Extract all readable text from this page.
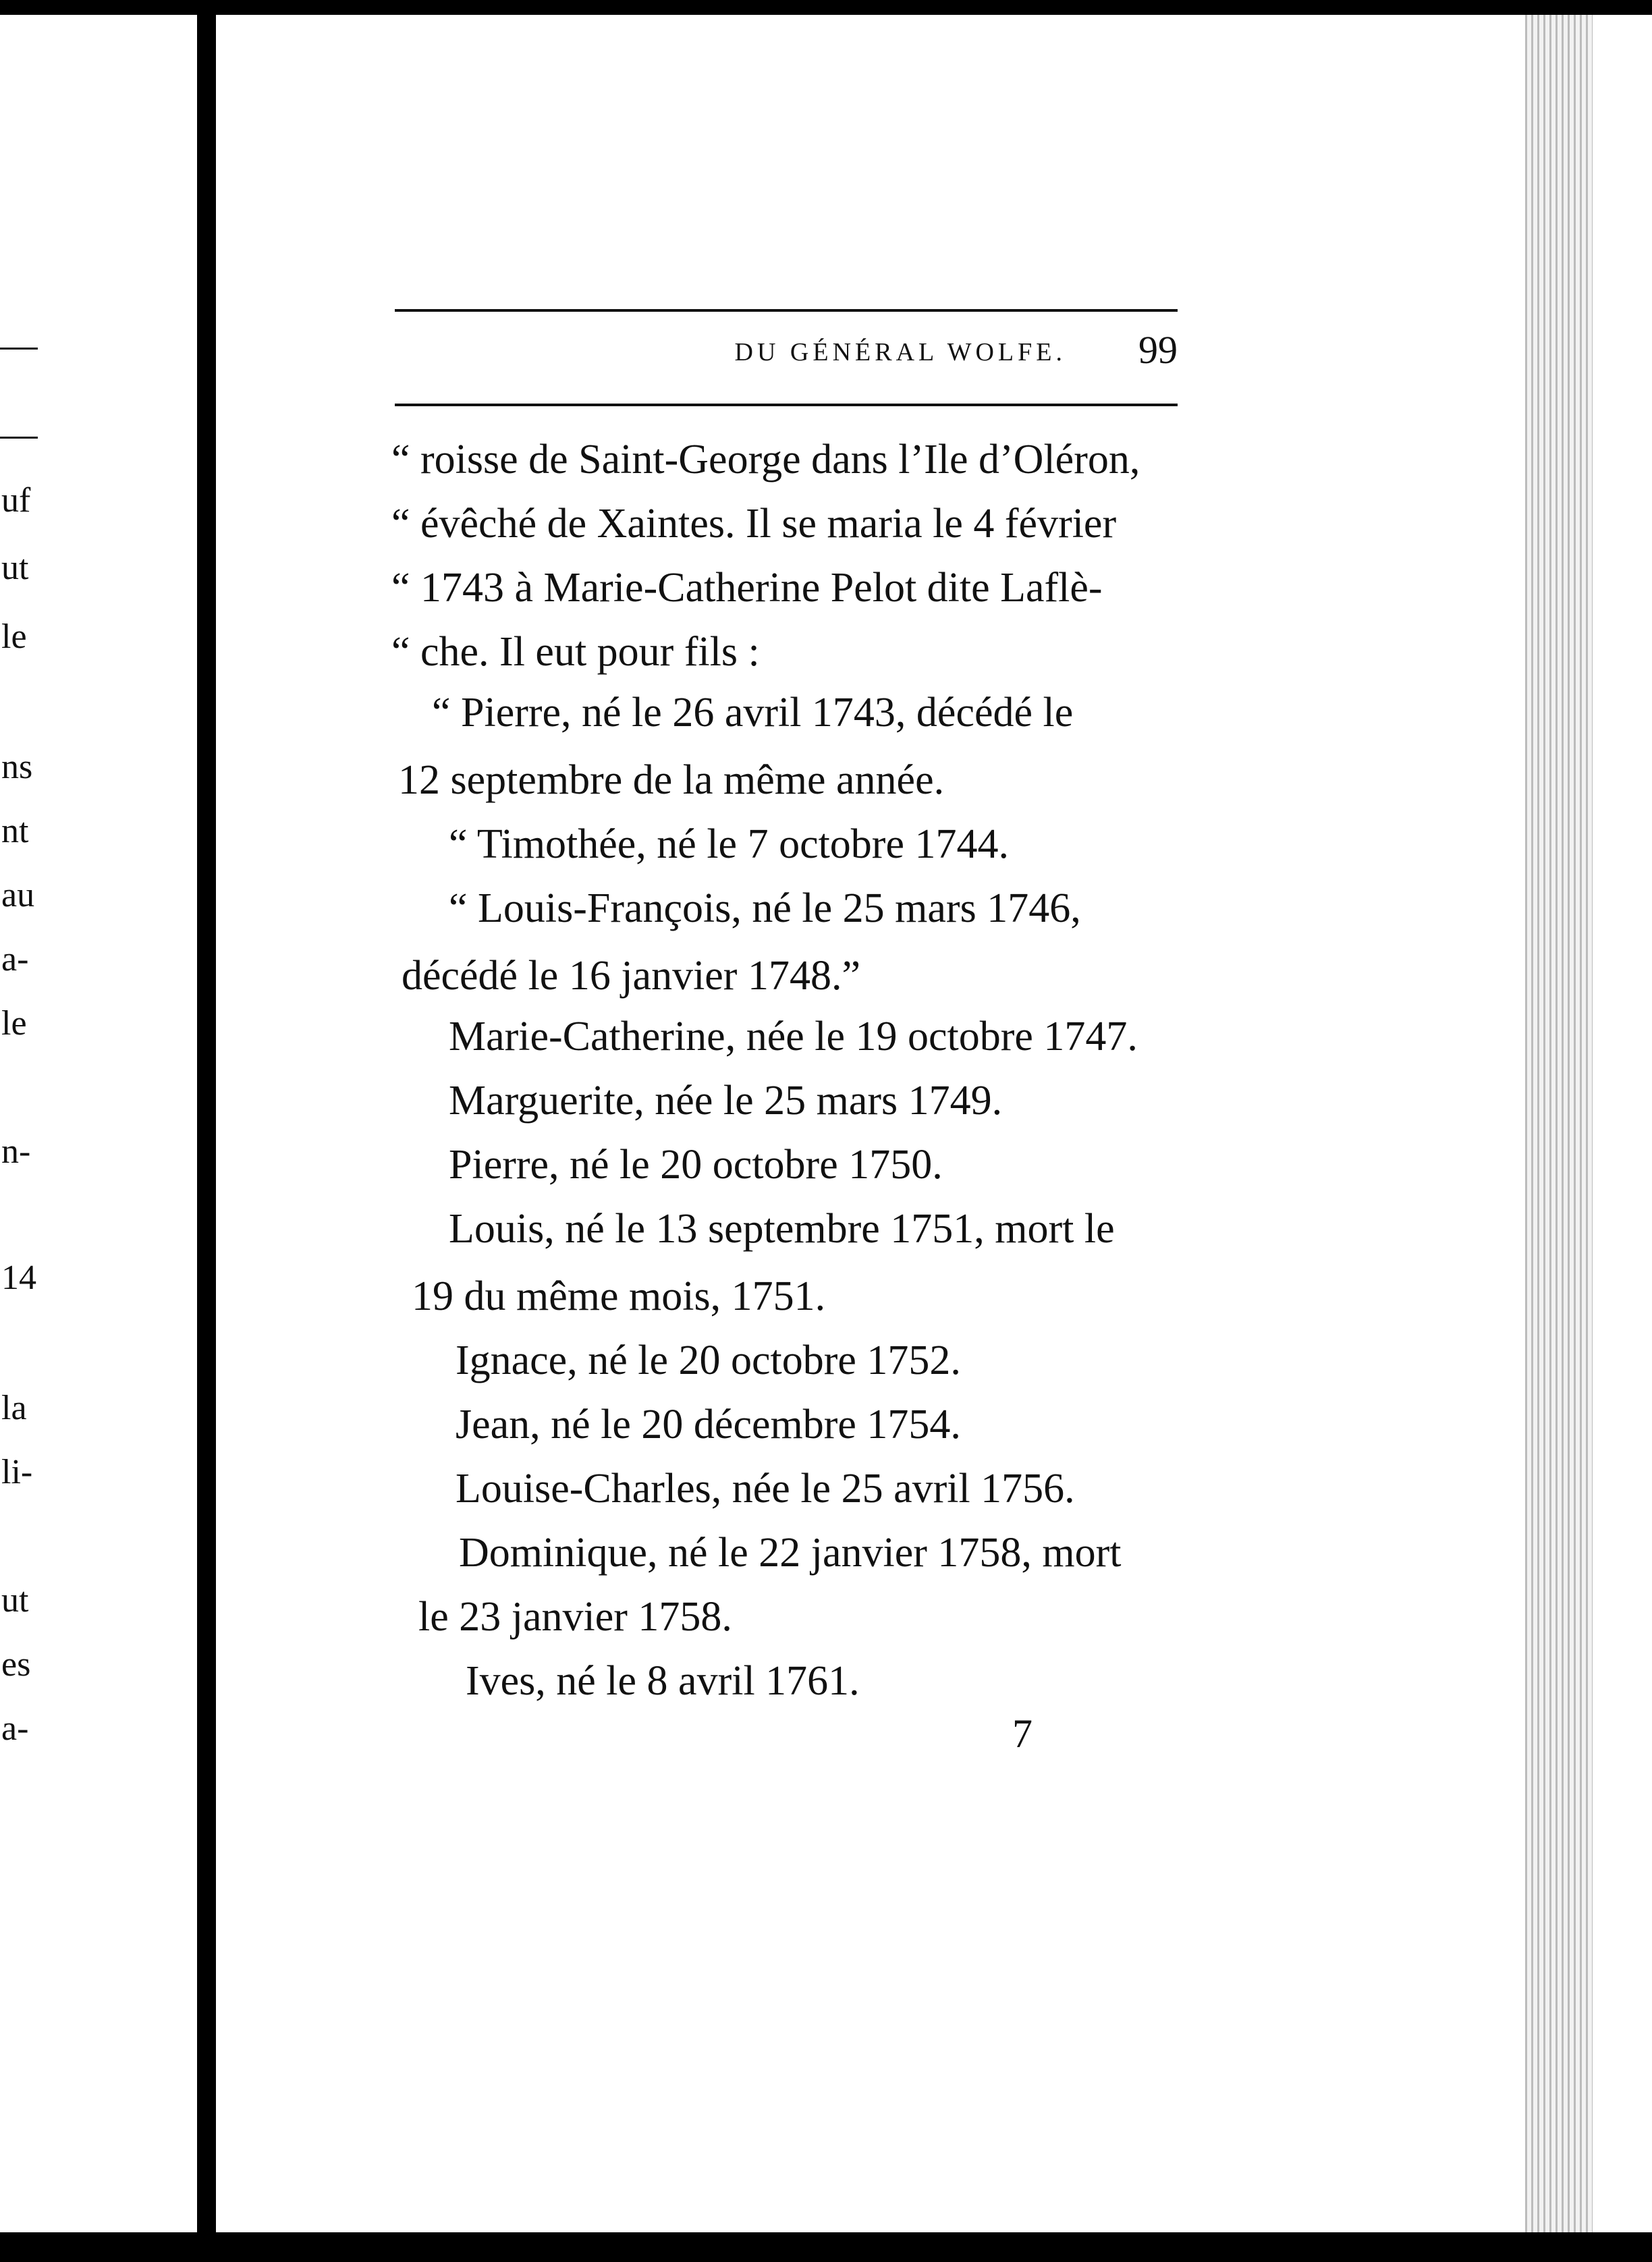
uf
ut
le
ns
nt
au
a-
le
n-
14
la
li-
ut
es
a-
DU GÉNÉRAL WOLFE.	99
“ roisse de Saint-George dans l’Ile d’Oléron,
“ évêché de Xaintes. Il se maria le 4 février
“ 1743 à Marie-Catherine Pelot dite Laflè-
“ che. Il eut pour fils :
“ Pierre, né le 26 avril 1743, décédé le
12 septembre de la même année.
“ Timothée, né le 7 octobre 1744.
“ Louis-François, né le 25 mars 1746,
décédé le 16 janvier 1748.”
Marie-Catherine, née le 19 octobre 1747.
Marguerite, née le 25 mars 1749.
Pierre, né le 20 octobre 1750.
Louis, né le 13 septembre 1751, mort le
19 du même mois, 1751.
Ignace, né le 20 octobre 1752.
Jean, né le 20 décembre 1754.
Louise-Charles, née le 25 avril 1756.
Dominique, né le 22 janvier 1758, mort
le 23 janvier 1758.
Ives, né le 8 avril 1761.
7
